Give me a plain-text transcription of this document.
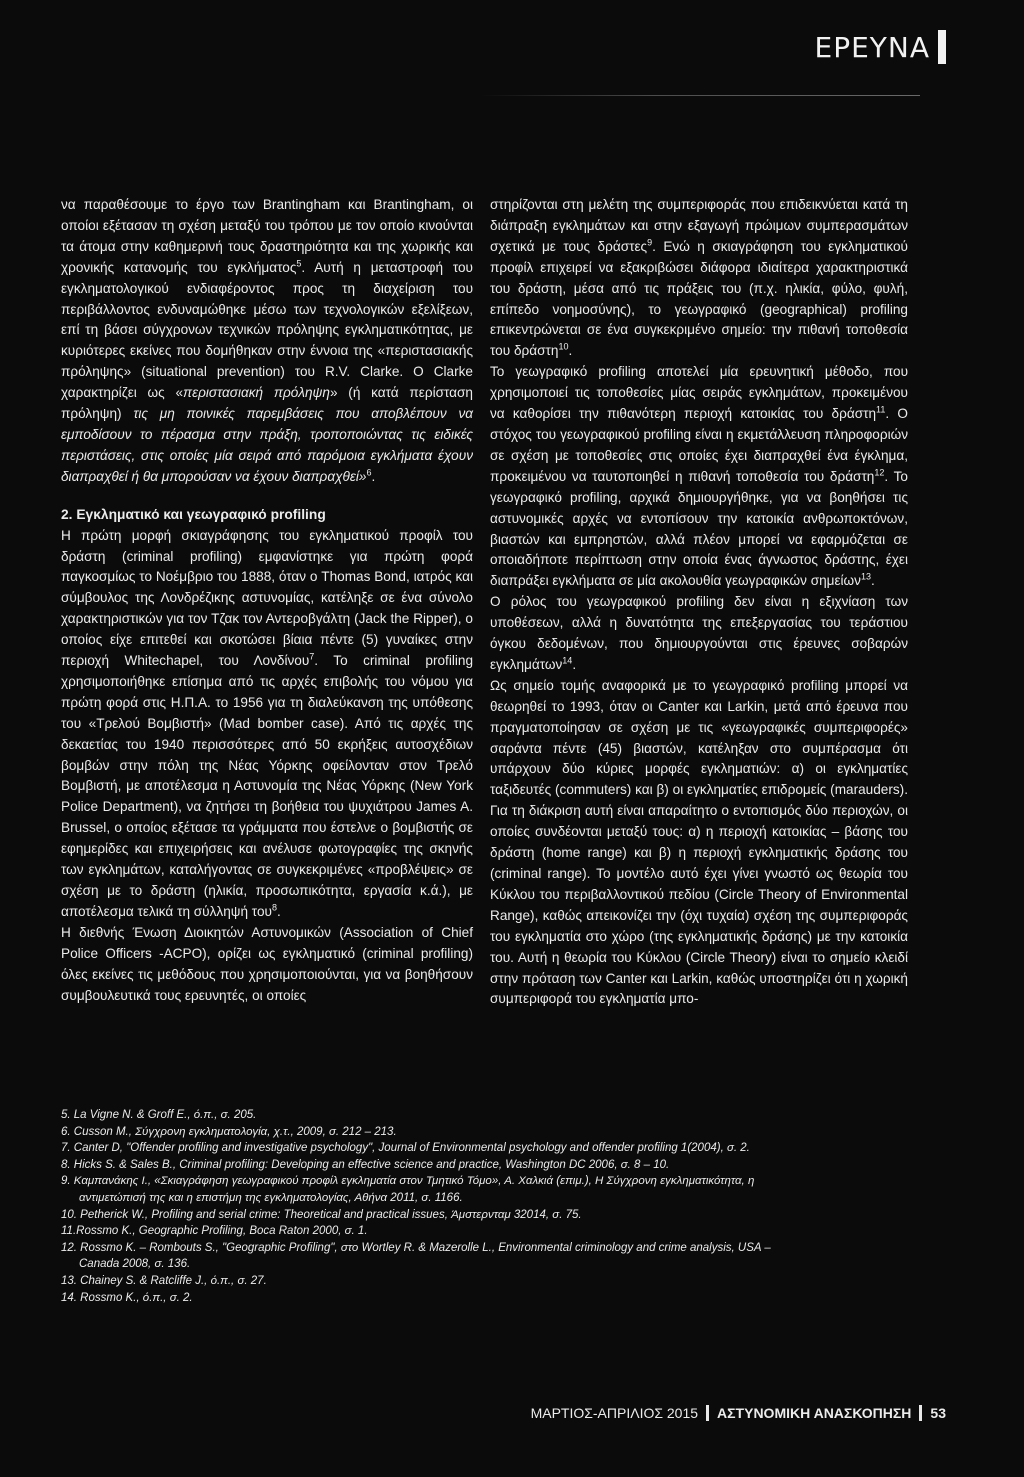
ΕΡΕΥΝΑ

να παραθέσουμε το έργο των Brantingham και Brantingham, οι οποίοι εξέτασαν τη σχέση μεταξύ του τρόπου με τον οποίο κινούνται τα άτομα στην καθημερινή τους δραστηριότητα και της χωρικής και χρονικής κατανομής του εγκλήματος$^5$. Αυτή η μεταστροφή του εγκληματολογικού ενδιαφέροντος προς τη διαχείριση του περιβάλλοντος ενδυναμώθηκε μέσω των τεχνολογικών εξελίξεων, επί τη βάσει σύγχρονων τεχνικών πρόληψης εγκληματικότητας, με κυριότερες εκείνες που δομήθηκαν στην έννοια της «περιστασιακής πρόληψης» (situational prevention) του R.V. Clarke. O Clarke χαρακτηρίζει ως «περιστασιακή πρόληψη» (ή κατά περίσταση πρόληψη) τις μη ποινικές παρεμβάσεις που αποβλέπουν να εμποδίσουν το πέρασμα στην πράξη, τροποποιώντας τις ειδικές περιστάσεις, στις οποίες μία σειρά από παρόμοια εγκλήματα έχουν διαπραχθεί ή θα μπορούσαν να έχουν διαπραχθεί»$^6$.

2. Εγκληματικό και γεωγραφικό profiling

Η πρώτη μορφή σκιαγράφησης του εγκληματικού προφίλ του δράστη (criminal profiling) εμφανίστηκε για πρώτη φορά παγκοσμίως το Νοέμβριο του 1888, όταν ο Thomas Bond, ιατρός και σύμβουλος της Λονδρέζικης αστυνομίας, κατέληξε σε ένα σύνολο χαρακτηριστικών για τον Τζακ τον Αντεροβγάλτη (Jack the Ripper), ο οποίος είχε επιτεθεί και σκοτώσει βίαια πέντε (5) γυναίκες στην περιοχή Whitechapel, του Λονδίνου$^7$. Το criminal profiling χρησιμοποιήθηκε επίσημα από τις αρχές επιβολής του νόμου για πρώτη φορά στις Η.Π.Α. το 1956 για τη διαλεύκανση της υπόθεσης του «Τρελού Βομβιστή» (Mad bomber case). Από τις αρχές της δεκαετίας του 1940 περισσότερες από 50 εκρήξεις αυτοσχέδιων βομβών στην πόλη της Νέας Υόρκης οφείλονταν στον Τρελό Βομβιστή, με αποτέλεσμα η Αστυνομία της Νέας Υόρκης (New York Police Department), να ζητήσει τη βοήθεια του ψυχιάτρου James A. Brussel, ο οποίος εξέτασε τα γράμματα που έστελνε ο βομβιστής σε εφημερίδες και επιχειρήσεις και ανέλυσε φωτογραφίες της σκηνής των εγκλημάτων, καταλήγοντας σε συγκεκριμένες «προβλέψεις» σε σχέση με το δράστη (ηλικία, προσωπικότητα, εργασία κ.ά.), με αποτέλεσμα τελικά τη σύλληψή του$^8$.

Η διεθνής Ένωση Διοικητών Αστυνομικών (Association of Chief Police Officers -ACPO), ορίζει ως εγκληματικό (criminal profiling) όλες εκείνες τις μεθόδους που χρησιμοποιούνται, για να βοηθήσουν συμβουλευτικά τους ερευνητές, οι οποίες

στηρίζονται στη μελέτη της συμπεριφοράς που επιδεικνύεται κατά τη διάπραξη εγκλημάτων και στην εξαγωγή πρώιμων συμπερασμάτων σχετικά με τους δράστες$^9$. Ενώ η σκιαγράφηση του εγκληματικού προφίλ επιχειρεί να εξακριβώσει διάφορα ιδιαίτερα χαρακτηριστικά του δράστη, μέσα από τις πράξεις του (π.χ. ηλικία, φύλο, φυλή, επίπεδο νοημοσύνης), το γεωγραφικό (geographical) profiling επικεντρώνεται σε ένα συγκεκριμένο σημείο: την πιθανή τοποθεσία του δράστη$^{10}$.

Το γεωγραφικό profiling αποτελεί μία ερευνητική μέθοδο, που χρησιμοποιεί τις τοποθεσίες μίας σειράς εγκλημάτων, προκειμένου να καθορίσει την πιθανότερη περιοχή κατοικίας του δράστη$^{11}$. Ο στόχος του γεωγραφικού profiling είναι η εκμετάλλευση πληροφοριών σε σχέση με τοποθεσίες στις οποίες έχει διαπραχθεί ένα έγκλημα, προκειμένου να ταυτοποιηθεί η πιθανή τοποθεσία του δράστη$^{12}$. Το γεωγραφικό profiling, αρχικά δημιουργήθηκε, για να βοηθήσει τις αστυνομικές αρχές να εντοπίσουν την κατοικία ανθρωποκτόνων, βιαστών και εμπρηστών, αλλά πλέον μπορεί να εφαρμόζεται σε οποιαδήποτε περίπτωση στην οποία ένας άγνωστος δράστης, έχει διαπράξει εγκλήματα σε μία ακολουθία γεωγραφικών σημείων$^{13}$.

Ο ρόλος του γεωγραφικού profiling δεν είναι η εξιχνίαση των υποθέσεων, αλλά η δυνατότητα της επεξεργασίας του τεράστιου όγκου δεδομένων, που δημιουργούνται στις έρευνες σοβαρών εγκλημάτων$^{14}$.

Ως σημείο τομής αναφορικά με το γεωγραφικό profiling μπορεί να θεωρηθεί το 1993, όταν οι Canter και Larkin, μετά από έρευνα που πραγματοποίησαν σε σχέση με τις «γεωγραφικές συμπεριφορές» σαράντα πέντε (45) βιαστών, κατέληξαν στο συμπέρασμα ότι υπάρχουν δύο κύριες μορφές εγκληματιών: α) οι εγκληματίες ταξιδευτές (commuters) και β) οι εγκληματίες επιδρομείς (marauders). Για τη διάκριση αυτή είναι απαραίτητο ο εντοπισμός δύο περιοχών, οι οποίες συνδέονται μεταξύ τους: α) η περιοχή κατοικίας – βάσης του δράστη (home range) και β) η περιοχή εγκληματικής δράσης του (criminal range). Το μοντέλο αυτό έχει γίνει γνωστό ως θεωρία του Κύκλου του περιβαλλοντικού πεδίου (Circle Theory of Environmental Range), καθώς απεικονίζει την (όχι τυχαία) σχέση της συμπεριφοράς του εγκληματία στο χώρο (της εγκληματικής δράσης) με την κατοικία του. Αυτή η θεωρία του Κύκλου (Circle Theory) είναι το σημείο κλειδί στην πρόταση των Canter και Larkin, καθώς υποστηρίζει ότι η χωρική συμπεριφορά του εγκληματία μπο-

5. La Vigne N. & Groff E., ό.π., σ. 205.
6. Cusson M., Σύγχρονη εγκληματολογία, χ.τ., 2009, σ. 212 – 213.
7. Canter D, "Offender profiling and investigative psychology", Journal of Environmental psychology and offender profiling 1(2004), σ. 2.
8. Hicks S. & Sales B., Criminal profiling: Developing an effective science and practice, Washington DC 2006, σ. 8 – 10.
9. Καμπανάκης Ι., «Σκιαγράφηση γεωγραφικού προφίλ εγκληματία στον Τμητικό Τόμο», Α. Χαλκιά (επιμ.), Η Σύγχρονη εγκληματικότητα, η
αντιμετώπισή της και η επιστήμη της εγκληματολογίας, Αθήνα 2011, σ. 1166.
10. Petherick W., Profiling and serial crime: Theoretical and practical issues, Άμστερνταμ 32014, σ. 75.
11.Rossmo K., Geographic Profiling, Boca Raton 2000, σ. 1.
12. Rossmo K. – Rombouts S., "Geographic Profiling", στο Wortley R. & Mazerolle L., Environmental criminology and crime analysis, USA –
Canada 2008, σ. 136.
13. Chainey S. & Ratcliffe J., ό.π., σ. 27.
14. Rossmo K., ό.π., σ. 2.
ΜΑΡΤΙΟΣ-ΑΠΡΙΛΙΟΣ 2015 ΑΣΤΥΝΟΜΙΚΗ ΑΝΑΣΚΟΠΗΣΗ 53
